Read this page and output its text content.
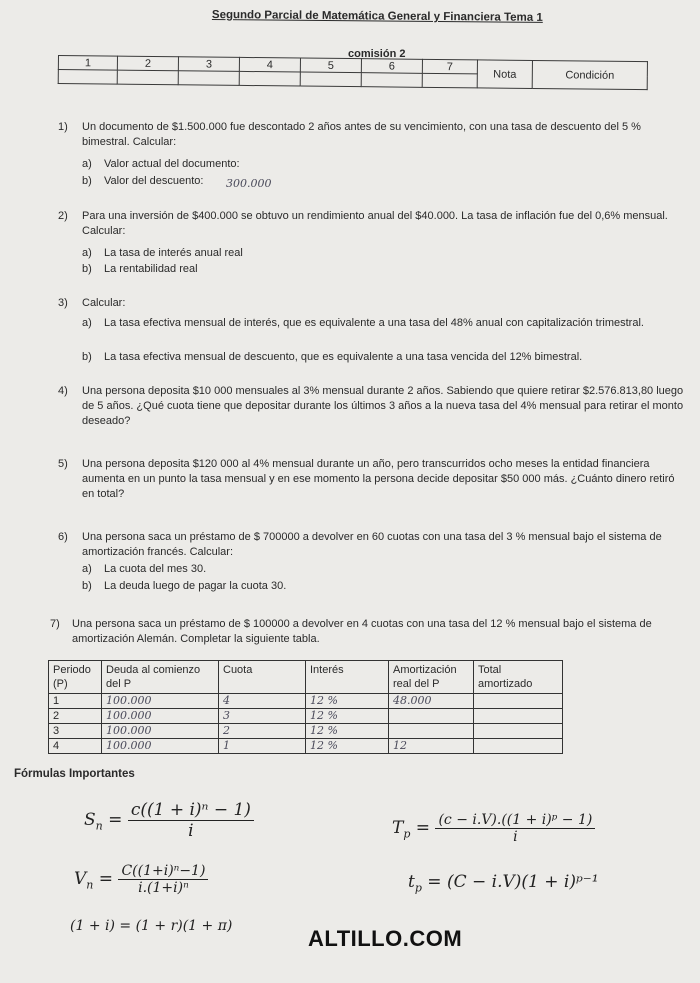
Segundo Parcial de Matemática General y Financiera Tema 1
comisión 2
1	2	3	4	5	6	7	Nota	Condición

1)	Un documento de $1.500.000 fue descontado 2 años antes de su vencimiento, con una tasa de descuento del 5 % bimestral. Calcular:
a) Valor actual del documento:
b) Valor del descuento: 300.000
2)	Para una inversión de $400.000 se obtuvo un rendimiento anual del $40.000. La tasa de inflación fue del 0,6% mensual. Calcular:
a) La tasa de interés anual real
b) La rentabilidad real
3)	Calcular:
a) La tasa efectiva mensual de interés, que es equivalente a una tasa del 48% anual con capitalización trimestral.
b) La tasa efectiva mensual de descuento, que es equivalente a una tasa vencida del 12% bimestral.
4)	Una persona deposita $10 000 mensuales al 3% mensual durante 2 años. Sabiendo que quiere retirar $2.576.813,80 luego de 5 años. ¿Qué cuota tiene que depositar durante los últimos 3 años a la nueva tasa del 4% mensual para retirar el monto deseado?
5)	Una persona deposita $120 000 al 4% mensual durante un año, pero transcurridos ocho meses la entidad financiera aumenta en un punto la tasa mensual y en ese momento la persona decide depositar $50 000 más. ¿Cuánto dinero retiró en total?
6)	Una persona saca un préstamo de $ 700000 a devolver en 60 cuotas con una tasa del 3 % mensual bajo el sistema de amortización francés. Calcular:
a) La cuota del mes 30.
b) La deuda luego de pagar la cuota 30.
7)	Una persona saca un préstamo de $ 100000 a devolver en 4 cuotas con una tasa del 12 % mensual bajo el sistema de amortización Alemán. Completar la siguiente tabla.
Periodo (P)	Deuda al comienzo del P	Cuota	Interés	Amortización real del P	Total amortizado
1	100.000	4	12 %	48.000	
2	100.000	3	12 %		
3	100.000	2	12 %		
4	100.000	1	12 %	12	
Fórmulas Importantes
$S_n = \frac{\text{c((1 + i)ⁿ − 1)}}{i}$
$V_n = \frac{\text{C((1+i)ⁿ−1)}}{\text{i.(1+i)ⁿ}}$
(1 + i) = (1 + r)(1 + π)
$T_p = \frac{\text{(c − i.V).((1 + i)ᵖ − 1)}}{i}$
$t_p = (C - i.V)(1$ + i)ᵖ⁻¹
ALTILLO.COM
